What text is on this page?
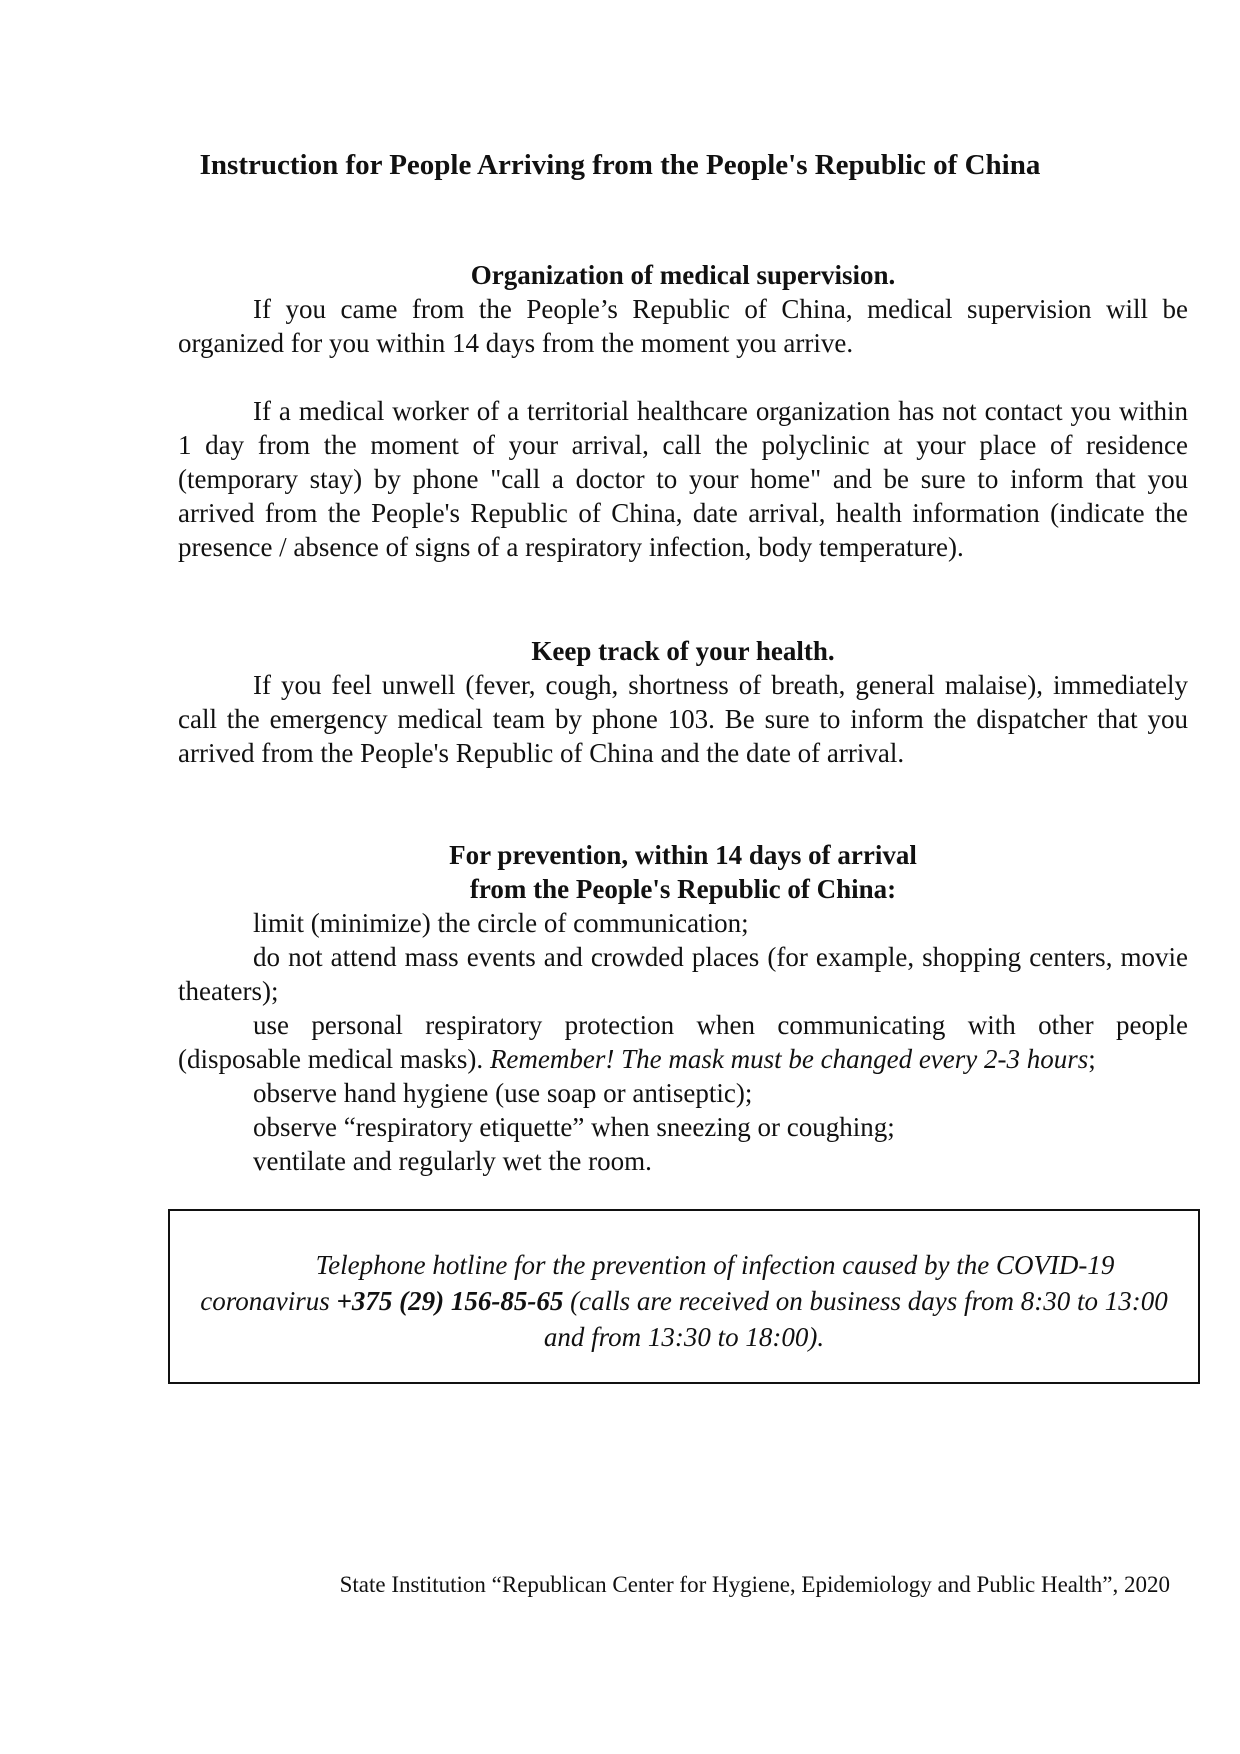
Instruction for People Arriving from the People's Republic of China

Organization of medical supervision.

If you came from the People’s Republic of China, medical supervision will be organized for you within 14 days from the moment you arrive.

If a medical worker of a territorial healthcare organization has not contact you within 1 day from the moment of your arrival, call the polyclinic at your place of residence (temporary stay) by phone "call a doctor to your home" and be sure to inform that you arrived from the People's Republic of China, date arrival, health information (indicate the presence / absence of signs of a respiratory infection, body temperature).

Keep track of your health.

If you feel unwell (fever, cough, shortness of breath, general malaise), immediately call the emergency medical team by phone 103. Be sure to inform the dispatcher that you arrived from the People's Republic of China and the date of arrival.

For prevention, within 14 days of arrival

from the People's Republic of China:

limit (minimize) the circle of communication;

do not attend mass events and crowded places (for example, shopping centers, movie theaters);

use personal respiratory protection when communicating with other people (disposable medical masks). Remember! The mask must be changed every 2-3 hours;

observe hand hygiene (use soap or antiseptic);

observe “respiratory etiquette” when sneezing or coughing;

ventilate and regularly wet the room.

Telephone hotline for the prevention of infection caused by the COVID-19 coronavirus +375 (29) 156-85-65 (calls are received on business days from 8:30 to 13:00 and from 13:30 to 18:00).
State Institution “Republican Center for Hygiene, Epidemiology and Public Health”, 2020
